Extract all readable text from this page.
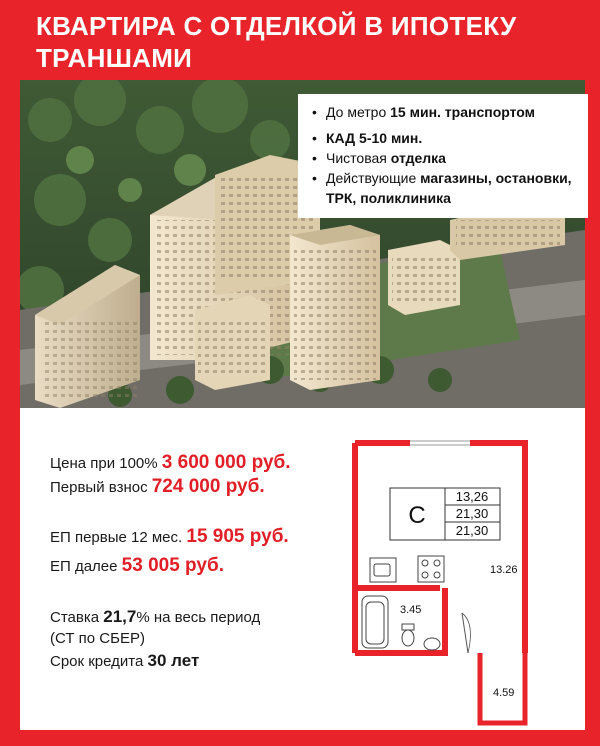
КВАРТИРА С ОТДЕЛКОЙ В ИПОТЕКУ ТРАНШАМИ
• До метро 15 мин. транспортом
• КАД 5-10 мин.
• Чистовая отделка
• Действующие магазины, остановки, ТРК, поликлиника
Цена при 100% 3 600 000 руб.
Первый взнос 724 000 руб.
ЕП первые 12 мес. 15 905 руб.
ЕП далее 53 005 руб.
Ставка 21,7% на весь период
(СТ по СБЕР)
Срок кредита 30 лет
С
13,26
21,30
21,30
13.26
3.45
4.59
